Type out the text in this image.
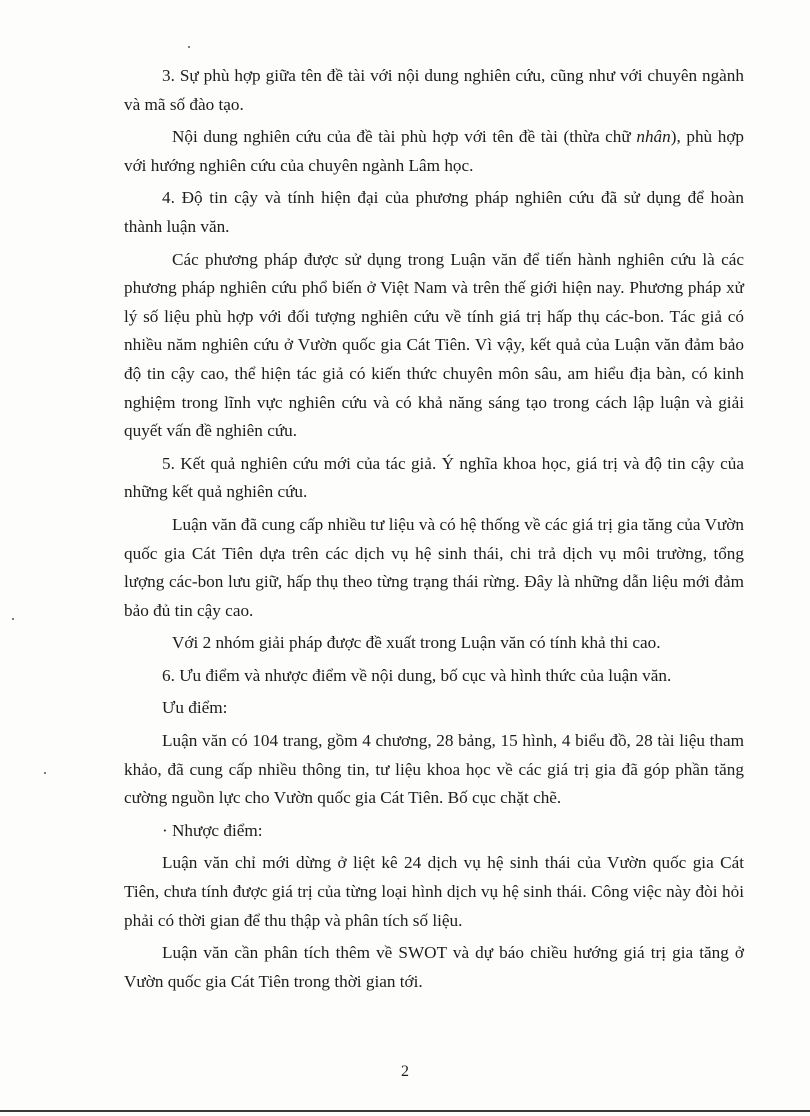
3. Sự phù hợp giữa tên đề tài với nội dung nghiên cứu, cũng như với chuyên ngành và mã số đào tạo.

Nội dung nghiên cứu của đề tài phù hợp với tên đề tài (thừa chữ nhân), phù hợp với hướng nghiên cứu của chuyên ngành Lâm học.

4. Độ tin cậy và tính hiện đại của phương pháp nghiên cứu đã sử dụng để hoàn thành luận văn.

Các phương pháp được sử dụng trong Luận văn để tiến hành nghiên cứu là các phương pháp nghiên cứu phổ biến ở Việt Nam và trên thế giới hiện nay. Phương pháp xử lý số liệu phù hợp với đối tượng nghiên cứu về tính giá trị hấp thụ các-bon. Tác giả có nhiều năm nghiên cứu ở Vườn quốc gia Cát Tiên. Vì vậy, kết quả của Luận văn đảm bảo độ tin cậy cao, thể hiện tác giả có kiến thức chuyên môn sâu, am hiểu địa bàn, có kinh nghiệm trong lĩnh vực nghiên cứu và có khả năng sáng tạo trong cách lập luận và giải quyết vấn đề nghiên cứu.

5. Kết quả nghiên cứu mới của tác giả. Ý nghĩa khoa học, giá trị và độ tin cậy của những kết quả nghiên cứu.

Luận văn đã cung cấp nhiều tư liệu và có hệ thống về các giá trị gia tăng của Vườn quốc gia Cát Tiên dựa trên các dịch vụ hệ sinh thái, chi trả dịch vụ môi trường, tổng lượng các-bon lưu giữ, hấp thụ theo từng trạng thái rừng. Đây là những dẫn liệu mới đảm bảo đủ tin cậy cao.

Với 2 nhóm giải pháp được đề xuất trong Luận văn có tính khả thi cao.

6. Ưu điểm và nhược điểm về nội dung, bố cục và hình thức của luận văn.

Ưu điểm:

Luận văn có 104 trang, gồm 4 chương, 28 bảng, 15 hình, 4 biểu đồ, 28 tài liệu tham khảo, đã cung cấp nhiều thông tin, tư liệu khoa học về các giá trị gia đã góp phần tăng cường nguồn lực cho Vườn quốc gia Cát Tiên. Bố cục chặt chẽ.

· Nhược điểm:

Luận văn chỉ mới dừng ở liệt kê 24 dịch vụ hệ sinh thái của Vườn quốc gia Cát Tiên, chưa tính được giá trị của từng loại hình dịch vụ hệ sinh thái. Công việc này đòi hỏi phải có thời gian để thu thập và phân tích số liệu.

Luận văn cần phân tích thêm về SWOT và dự báo chiều hướng giá trị gia tăng ở Vườn quốc gia Cát Tiên trong thời gian tới.

2
